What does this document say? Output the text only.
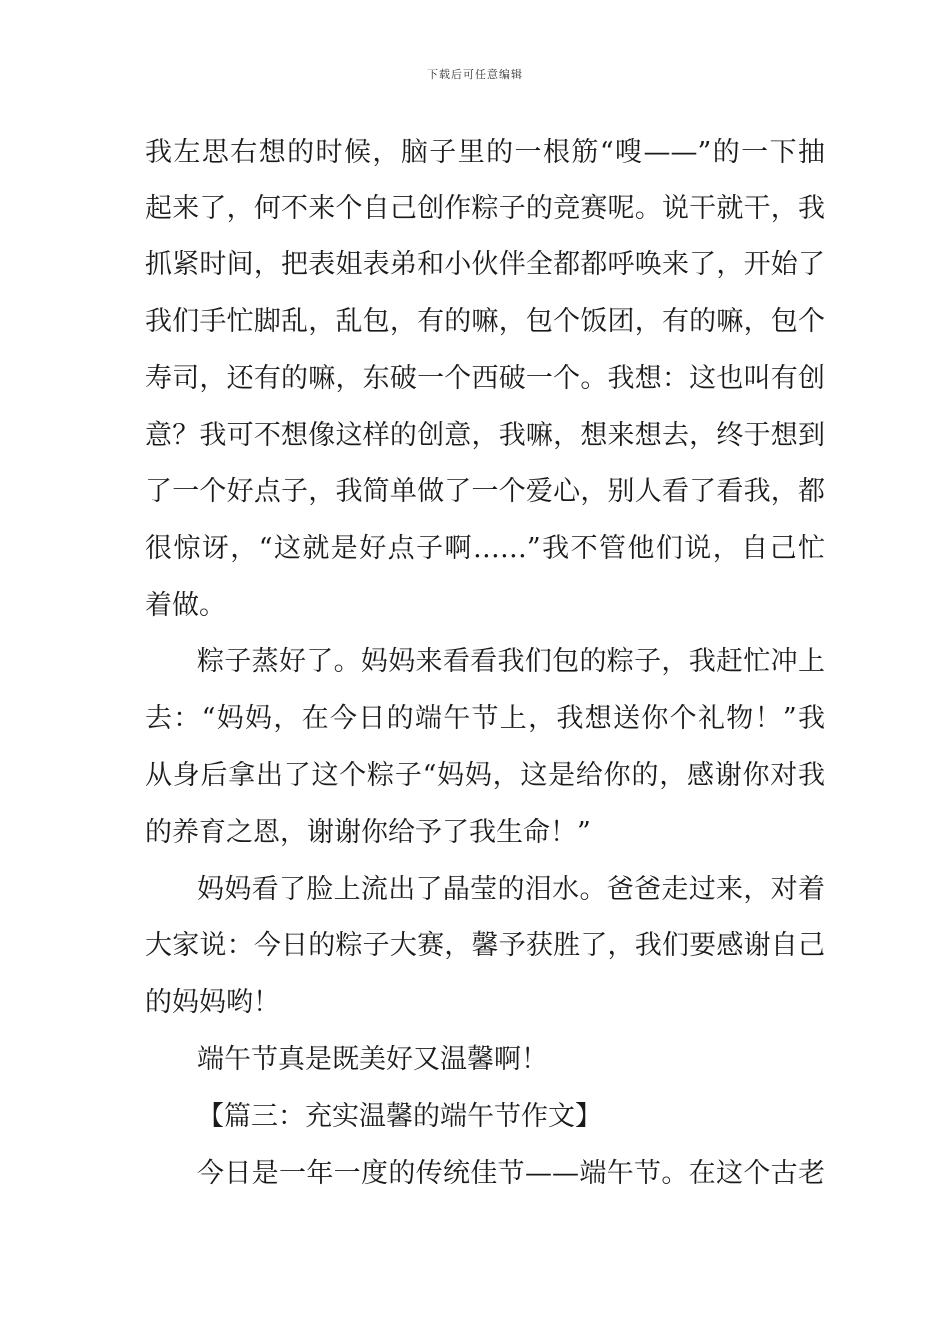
下载后可任意编辑
我左思右想的时候，脑子里的一根筋“嗖——”的一下抽
起来了，何不来个自己创作粽子的竞赛呢。说干就干，我
抓紧时间，把表姐表弟和小伙伴全都都呼唤来了，开始了
我们手忙脚乱，乱包，有的嘛，包个饭团，有的嘛，包个
寿司，还有的嘛，东破一个西破一个。我想：这也叫有创
意？我可不想像这样的创意，我嘛，想来想去，终于想到
了一个好点子，我简单做了一个爱心，别人看了看我，都
很惊讶，“这就是好点子啊……”我不管他们说，自己忙
着做。
粽子蒸好了。妈妈来看看我们包的粽子，我赶忙冲上
去：“妈妈，在今日的端午节上，我想送你个礼物！”我
从身后拿出了这个粽子“妈妈，这是给你的，感谢你对我
的养育之恩，谢谢你给予了我生命！”
妈妈看了脸上流出了晶莹的泪水。爸爸走过来，对着
大家说：今日的粽子大赛，馨予获胜了，我们要感谢自己
的妈妈哟！
端午节真是既美好又温馨啊！
【篇三：充实温馨的端午节作文】
今日是一年一度的传统佳节——端午节。在这个古老
